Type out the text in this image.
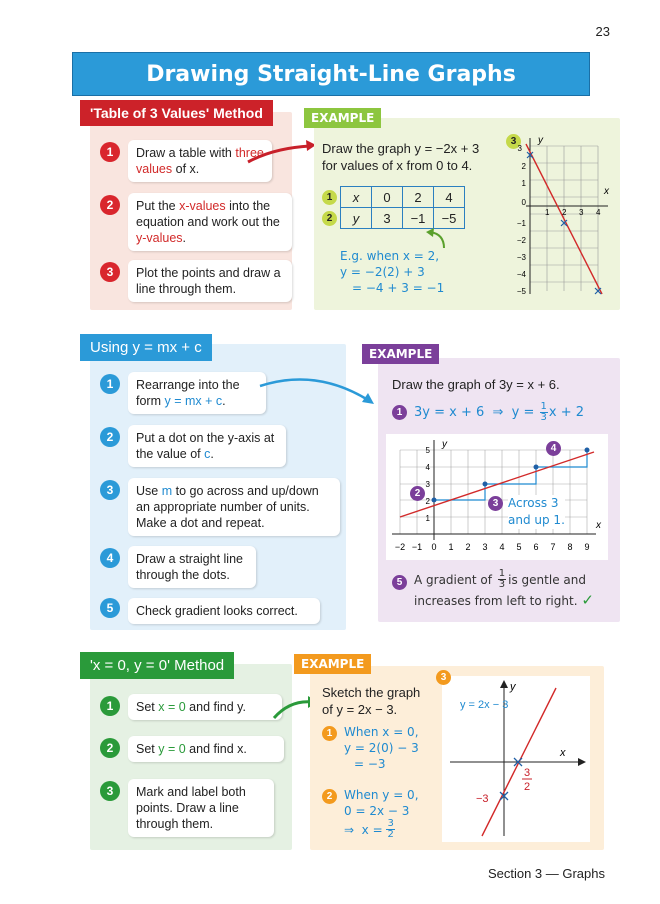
23
Drawing Straight-Line Graphs
'Table of 3 Values' Method
1	Draw a table with three values of x.
2	Put the x-values into the equation and work out the y-values.
3	Plot the points and draw a line through them.
EXAMPLE
Draw the graph y = −2x + 3
for values of x from 0 to 4.
1
2
x	0	2	4
y	3	−1	−5
E.g. when x = 2,
y = −2(2) + 3
= −4 + 3 = −1
3	y
x
1 2 3 4
3
2
1
0
−1
−2
−3
−4
−5
Using y = mx + c
1	Rearrange into the form y = mx + c.
2	Put a dot on the y-axis at the value of c.
3	Use m to go across and up/down an appropriate number of units. Make a dot and repeat.
4	Draw a straight line through the dots.
5	Check gradient looks correct.
EXAMPLE
Draw the graph of 3y = x + 6.
1 3y = x + 6  ⇒  $y = \frac{1}{3}$ x + 2
y
x
−2 −1 0 1 2 3 4 5 6 7 8 9
5
4
3
2
1
2
3
4
Across 3
and up 1.
5 A gradient of $\frac{1}{3}$ is gentle and
increases from left to right. ✓
'x = 0, y = 0' Method
1	Set x = 0 and find y.
2	Set y = 0 and find x.
3	Mark and label both points. Draw a line through them.
EXAMPLE
Sketch the graph
of y = 2x − 3.
1 When x = 0,
y = 2(0) − 3
= −3
2 When y = 0,
0 = 2x − 3
⇒  $x = \frac{3}{2}$
3
y
x
y = 2x − 3
−3
3
2
Section 3 — Graphs
